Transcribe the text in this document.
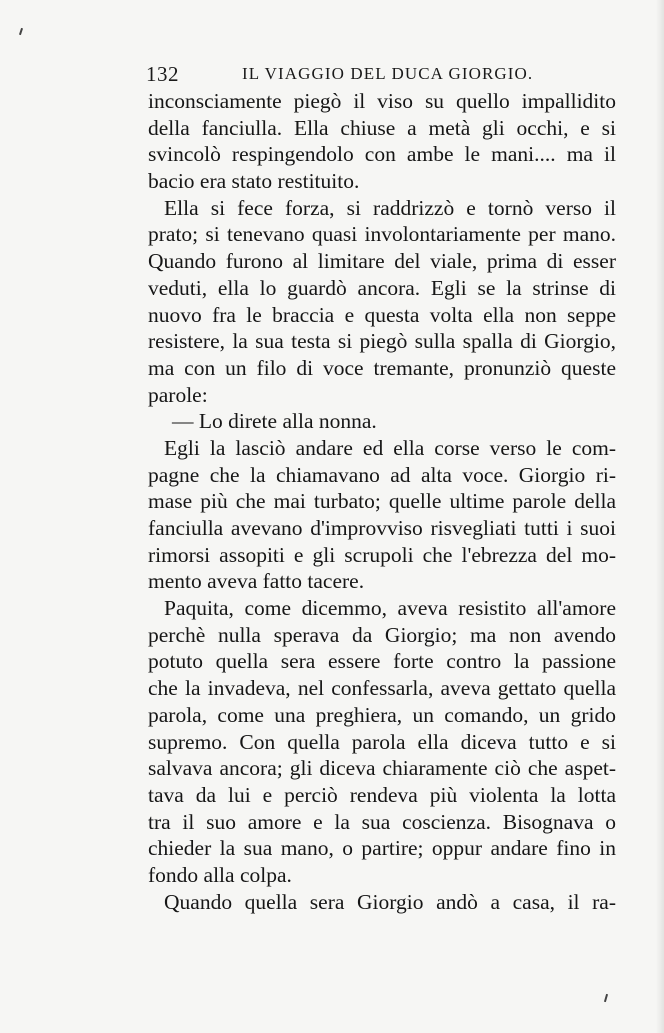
132	IL VIAGGIO DEL DUCA GIORGIO.
inconsciamente piegò il viso su quello impallidito
della fanciulla. Ella chiuse a metà gli occhi, e si
svincolò respingendolo con ambe le mani.... ma il
bacio era stato restituito.
Ella si fece forza, si raddrizzò e tornò verso il
prato; si tenevano quasi involontariamente per mano.
Quando furono al limitare del viale, prima di esser
veduti, ella lo guardò ancora. Egli se la strinse di
nuovo fra le braccia e questa volta ella non seppe
resistere, la sua testa si piegò sulla spalla di Giorgio,
ma con un filo di voce tremante, pronunziò queste
parole:
— Lo direte alla nonna.
Egli la lasciò andare ed ella corse verso le com-
pagne che la chiamavano ad alta voce. Giorgio ri-
mase più che mai turbato; quelle ultime parole della
fanciulla avevano d'improvviso risvegliati tutti i suoi
rimorsi assopiti e gli scrupoli che l'ebrezza del mo-
mento aveva fatto tacere.
Paquita, come dicemmo, aveva resistito all'amore
perchè nulla sperava da Giorgio; ma non avendo
potuto quella sera essere forte contro la passione
che la invadeva, nel confessarla, aveva gettato quella
parola, come una preghiera, un comando, un grido
supremo. Con quella parola ella diceva tutto e si
salvava ancora; gli diceva chiaramente ciò che aspet-
tava da lui e perciò rendeva più violenta la lotta
tra il suo amore e la sua coscienza. Bisognava o
chieder la sua mano, o partire; oppur andare fino in
fondo alla colpa.
Quando quella sera Giorgio andò a casa, il ra-
